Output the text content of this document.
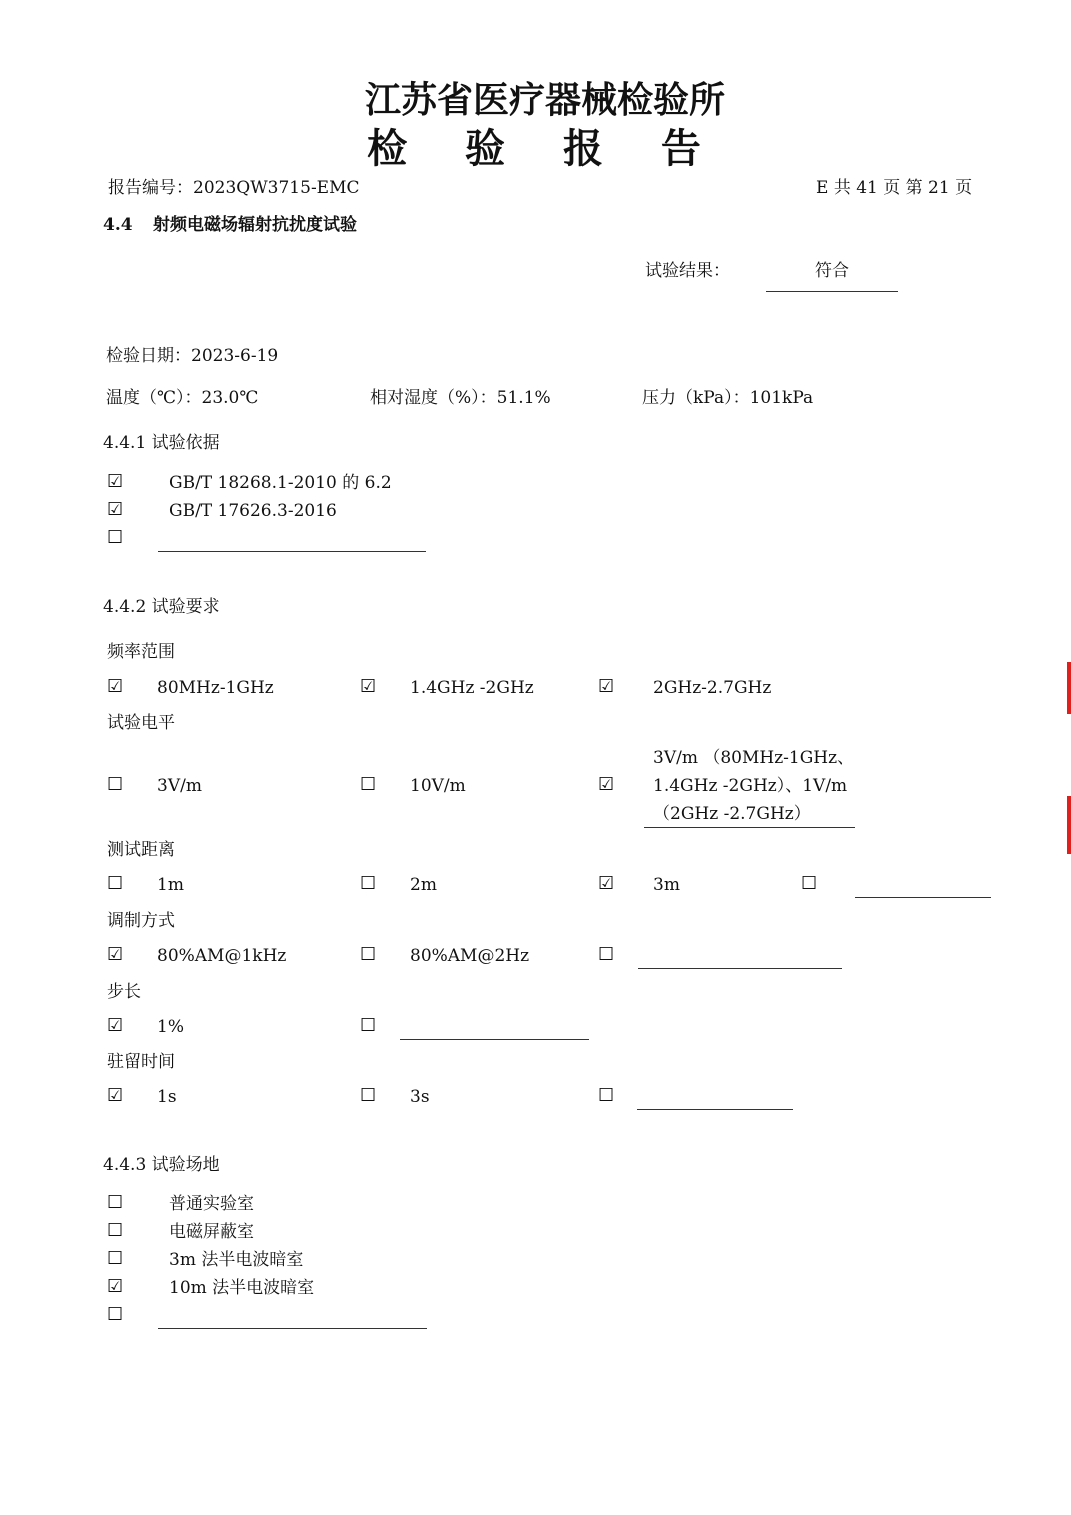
江苏省医疗器械检验所
检 验 报 告
报告编号：2023QW3715-EMC	E 共 41 页 第 21 页
4.4 射频电磁场辐射抗扰度试验
试验结果：	符合
检验日期：2023-6-19
温度（℃）：23.0℃	相对湿度（%）：51.1%	压力（kPa）：101kPa
4.4.1 试验依据
☑	GB/T 18268.1-2010 的 6.2
☑	GB/T 17626.3-2016
☐
4.4.2 试验要求
频率范围
☑ 80MHz-1GHz	☑ 1.4GHz -2GHz	☑ 2GHz-2.7GHz
试验电平
☐ 3V/m	☐ 10V/m	☑
3V/m （80MHz-1GHz、
1.4GHz -2GHz）、1V/m
（2GHz -2.7GHz）
测试距离
☐ 1m	☐ 2m	☑ 3m	☐
调制方式
☑ 80%AM@1kHz	☐ 80%AM@2Hz	☐
步长
☑ 1%	☐
驻留时间
☑ 1s	☐ 3s	☐
4.4.3 试验场地
☐	普通实验室
☐	电磁屏蔽室
☐	3m 法半电波暗室
☑	10m 法半电波暗室
☐
